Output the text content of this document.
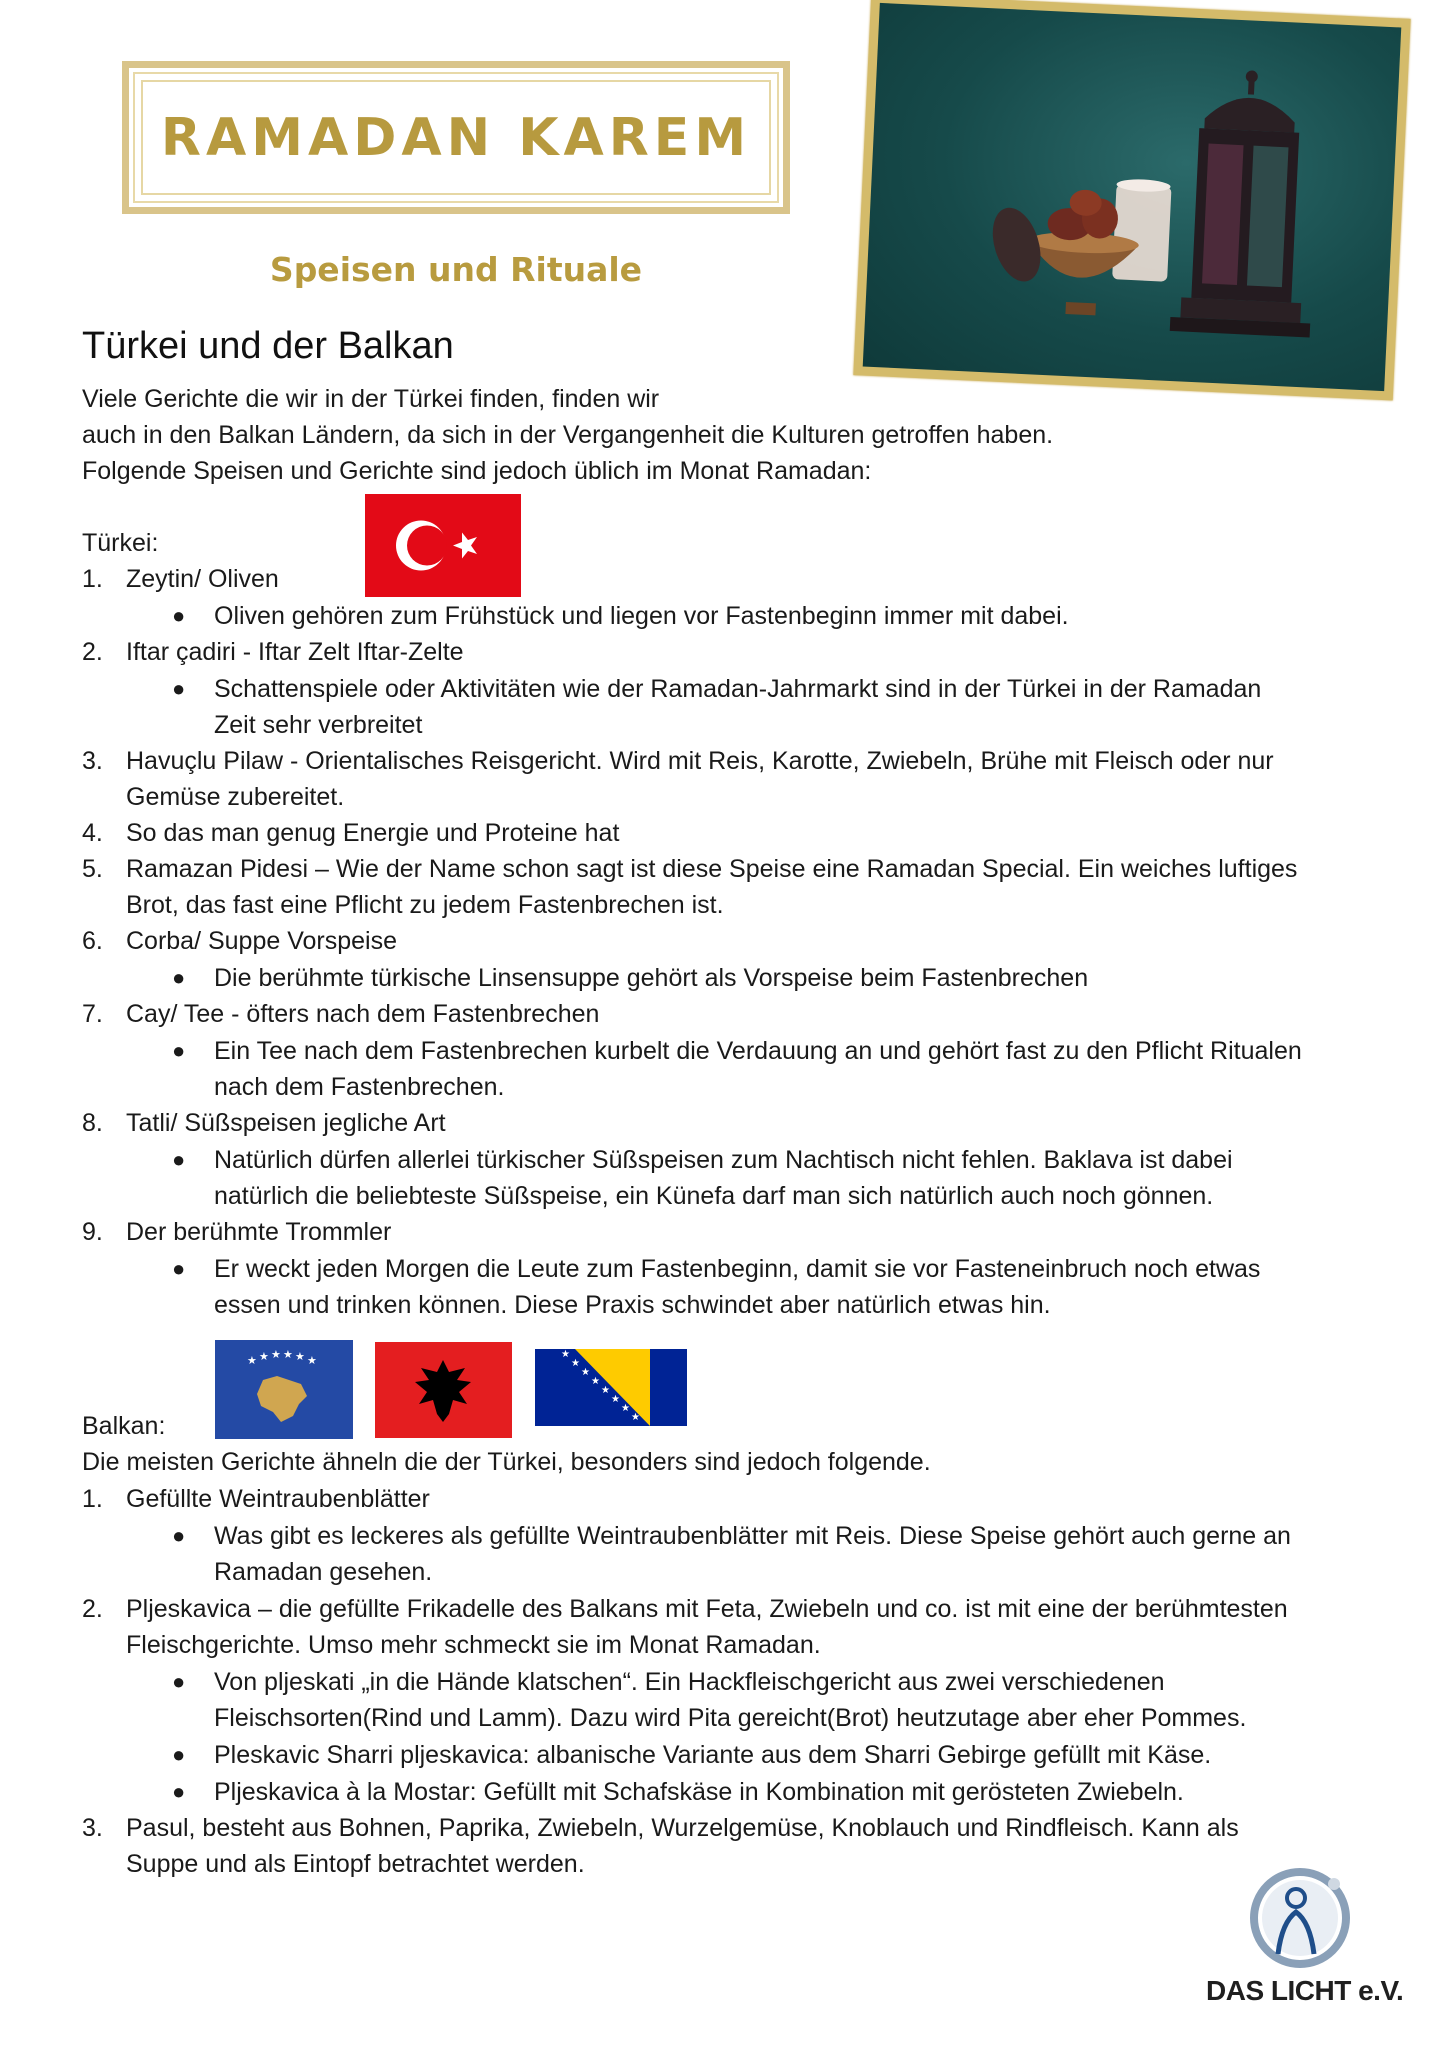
RAMADAN KAREM
Speisen und Rituale
Türkei und der Balkan
Viele Gerichte die wir in der Türkei finden, finden wir
auch in den Balkan Ländern, da sich in der Vergangenheit die Kulturen getroffen haben.
Folgende Speisen und Gerichte sind jedoch üblich im Monat Ramadan:
Türkei:
1. Zeytin/ Oliven
● Oliven gehören zum Frühstück und liegen vor Fastenbeginn immer mit dabei.
2. Iftar çadiri - Iftar Zelt Iftar-Zelte
● Schattenspiele oder Aktivitäten wie der Ramadan-Jahrmarkt sind in der Türkei in der Ramadan
Zeit sehr verbreitet
3. Havuçlu Pilaw - Orientalisches Reisgericht. Wird mit Reis, Karotte, Zwiebeln, Brühe mit Fleisch oder nur
Gemüse zubereitet.
4. So das man genug Energie und Proteine hat
5. Ramazan Pidesi – Wie der Name schon sagt ist diese Speise eine Ramadan Special. Ein weiches luftiges
Brot, das fast eine Pflicht zu jedem Fastenbrechen ist.
6. Corba/ Suppe Vorspeise
● Die berühmte türkische Linsensuppe gehört als Vorspeise beim Fastenbrechen
7. Cay/ Tee - öfters nach dem Fastenbrechen
● Ein Tee nach dem Fastenbrechen kurbelt die Verdauung an und gehört fast zu den Pflicht Ritualen
nach dem Fastenbrechen.
8. Tatli/ Süßspeisen jegliche Art
● Natürlich dürfen allerlei türkischer Süßspeisen zum Nachtisch nicht fehlen. Baklava ist dabei
natürlich die beliebteste Süßspeise, ein Künefa darf man sich natürlich auch noch gönnen.
9. Der berühmte Trommler
● Er weckt jeden Morgen die Leute zum Fastenbeginn, damit sie vor Fasteneinbruch noch etwas
essen und trinken können. Diese Praxis schwindet aber natürlich etwas hin.
★ ★ ★ ★ ★ ★	★
★
★
★
★
★
★
★
Balkan:
Die meisten Gerichte ähneln die der Türkei, besonders sind jedoch folgende.
1. Gefüllte Weintraubenblätter
● Was gibt es leckeres als gefüllte Weintraubenblätter mit Reis. Diese Speise gehört auch gerne an
Ramadan gesehen.
2. Pljeskavica – die gefüllte Frikadelle des Balkans mit Feta, Zwiebeln und co. ist mit eine der berühmtesten
Fleischgerichte. Umso mehr schmeckt sie im Monat Ramadan.
● Von pljeskati „in die Hände klatschen“. Ein Hackfleischgericht aus zwei verschiedenen
Fleischsorten(Rind und Lamm). Dazu wird Pita gereicht(Brot) heutzutage aber eher Pommes.
● Pleskavic Sharri pljeskavica: albanische Variante aus dem Sharri Gebirge gefüllt mit Käse.
● Pljeskavica à la Mostar: Gefüllt mit Schafskäse in Kombination mit gerösteten Zwiebeln.
3. Pasul, besteht aus Bohnen, Paprika, Zwiebeln, Wurzelgemüse, Knoblauch und Rindfleisch. Kann als
Suppe und als Eintopf betrachtet werden.
DAS LICHT e.V.
